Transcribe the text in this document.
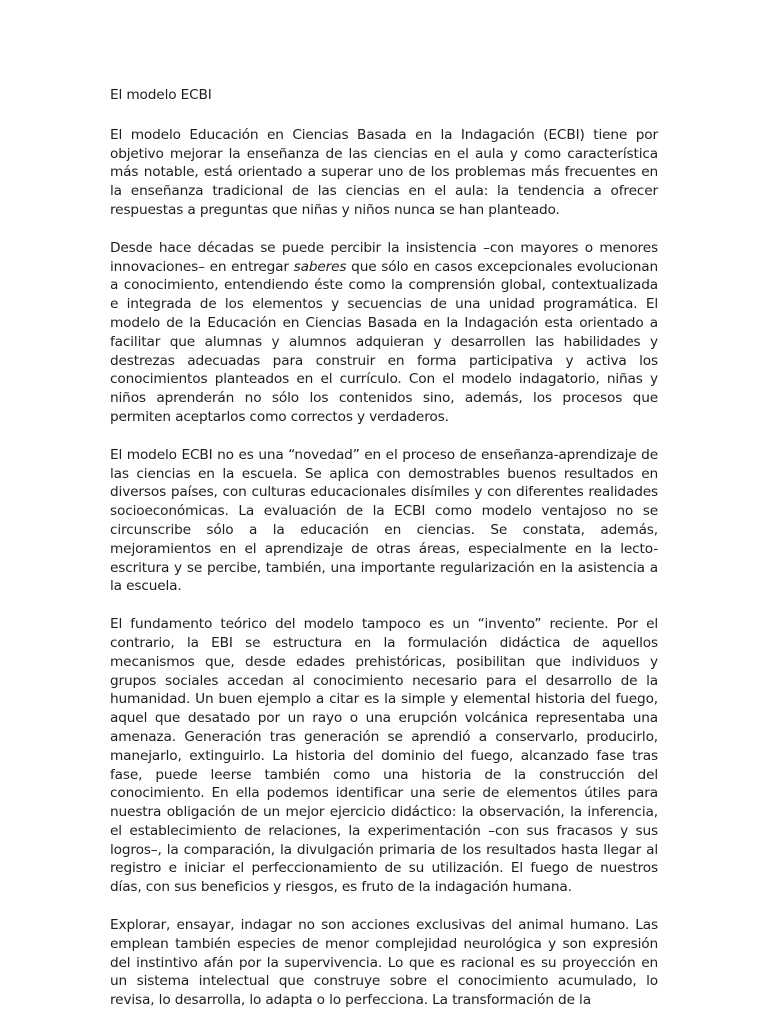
El modelo ECBI

El modelo Educación en Ciencias Basada en la Indagación (ECBI) tiene por objetivo mejorar la enseñanza de las ciencias en el aula y como característica más notable, está orientado a superar uno de los problemas más frecuentes en la enseñanza tradicional de las ciencias en el aula: la tendencia a ofrecer respuestas a preguntas que niñas y niños nunca se han planteado.

Desde hace décadas se puede percibir la insistencia –con mayores o menores innovaciones– en entregar saberes que sólo en casos excepcionales evolucionan a conocimiento, entendiendo éste como la comprensión global, contextualizada e integrada de los elementos y secuencias de una unidad programática. El modelo de la Educación en Ciencias Basada en la Indagación esta orientado a facilitar que alumnas y alumnos adquieran y desarrollen las habilidades y destrezas adecuadas para construir en forma participativa y activa los conocimientos planteados en el currículo. Con el modelo indagatorio, niñas y niños aprenderán no sólo los contenidos sino, además, los procesos que permiten aceptarlos como correctos y verdaderos.

El modelo ECBI no es una “novedad” en el proceso de enseñanza-aprendizaje de las ciencias en la escuela. Se aplica con demostrables buenos resultados en diversos países, con culturas educacionales disímiles y con diferentes realidades socioeconómicas. La evaluación de la ECBI como modelo ventajoso no se circunscribe sólo a la educación en ciencias. Se constata, además, mejoramientos en el aprendizaje de otras áreas, especialmente en la lecto-escritura y se percibe, también, una importante regularización en la asistencia a la escuela.

El fundamento teórico del modelo tampoco es un “invento” reciente. Por el contrario, la EBI se estructura en la formulación didáctica de aquellos mecanismos que, desde edades prehistóricas, posibilitan que individuos y grupos sociales accedan al conocimiento necesario para el desarrollo de la humanidad. Un buen ejemplo a citar es la simple y elemental historia del fuego, aquel que desatado por un rayo o una erupción volcánica representaba una amenaza. Generación tras generación se aprendió a conservarlo, producirlo, manejarlo, extinguirlo. La historia del dominio del fuego, alcanzado fase tras fase, puede leerse también como una historia de la construcción del conocimiento. En ella podemos identificar una serie de elementos útiles para nuestra obligación de un mejor ejercicio didáctico: la observación, la inferencia, el establecimiento de relaciones, la experimentación –con sus fracasos y sus logros–, la comparación, la divulgación primaria de los resultados hasta llegar al registro e iniciar el perfeccionamiento de su utilización. El fuego de nuestros días, con sus beneficios y riesgos, es fruto de la indagación humana.

Explorar, ensayar, indagar no son acciones exclusivas del animal humano. Las emplean también especies de menor complejidad neurológica y son expresión del instintivo afán por la supervivencia. Lo que es racional es su proyección en un sistema intelectual que construye sobre el conocimiento acumulado, lo revisa, lo desarrolla, lo adapta o lo perfecciona. La transformación de la
